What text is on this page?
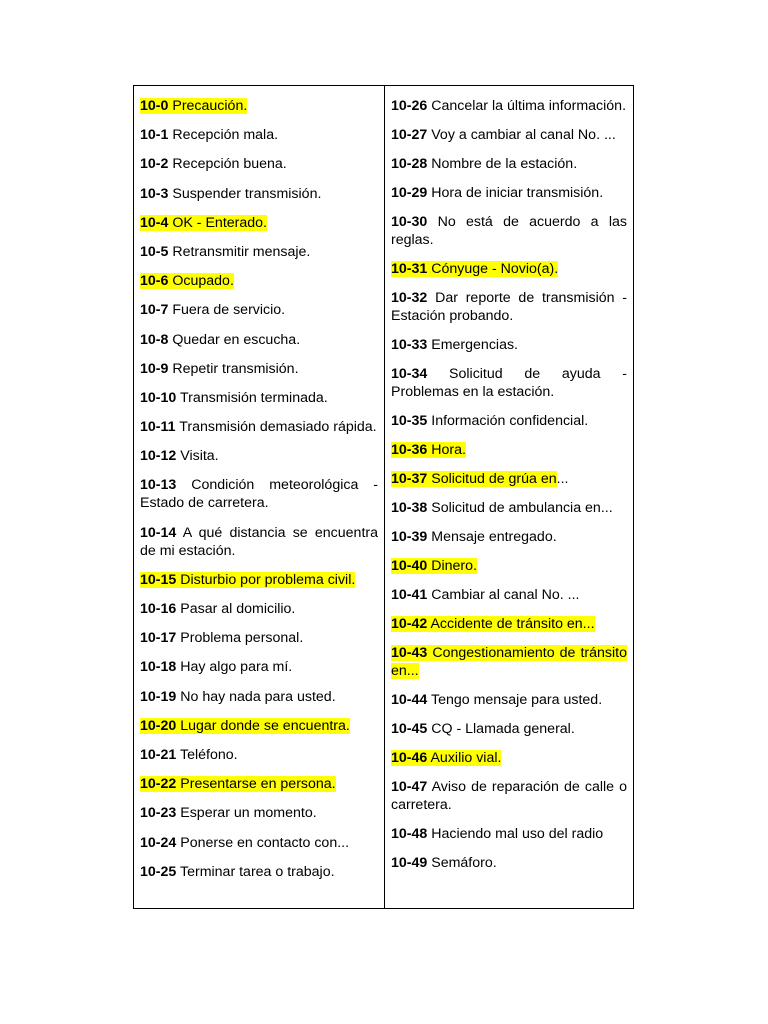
10-0 Precaución.
10-1 Recepción mala.
10-2 Recepción buena.
10-3 Suspender transmisión.
10-4 OK - Enterado.
10-5 Retransmitir mensaje.
10-6 Ocupado.
10-7 Fuera de servicio.
10-8 Quedar en escucha.
10-9 Repetir transmisión.
10-10 Transmisión terminada.
10-11 Transmisión demasiado rápida.
10-12 Visita.
10-13 Condición meteorológica - Estado de carretera.
10-14 A qué distancia se encuentra de mi estación.
10-15 Disturbio por problema civil.
10-16 Pasar al domicilio.
10-17 Problema personal.
10-18 Hay algo para mí.
10-19 No hay nada para usted.
10-20 Lugar donde se encuentra.
10-21 Teléfono.
10-22 Presentarse en persona.
10-23 Esperar un momento.
10-24 Ponerse en contacto con...
10-25 Terminar tarea o trabajo.
10-26 Cancelar la última información.
10-27 Voy a cambiar al canal No. ...
10-28 Nombre de la estación.
10-29 Hora de iniciar transmisión.
10-30 No está de acuerdo a las reglas.
10-31 Cónyuge - Novio(a).
10-32 Dar reporte de transmisión - Estación probando.
10-33 Emergencias.
10-34 Solicitud de ayuda - Problemas en la estación.
10-35 Información confidencial.
10-36 Hora.
10-37 Solicitud de grúa en...
10-38 Solicitud de ambulancia en...
10-39 Mensaje entregado.
10-40 Dinero.
10-41 Cambiar al canal No. ...
10-42 Accidente de tránsito en...
10-43 Congestionamiento de tránsito en...
10-44 Tengo mensaje para usted.
10-45 CQ - Llamada general.
10-46 Auxilio vial.
10-47 Aviso de reparación de calle o carretera.
10-48 Haciendo mal uso del radio
10-49 Semáforo.
